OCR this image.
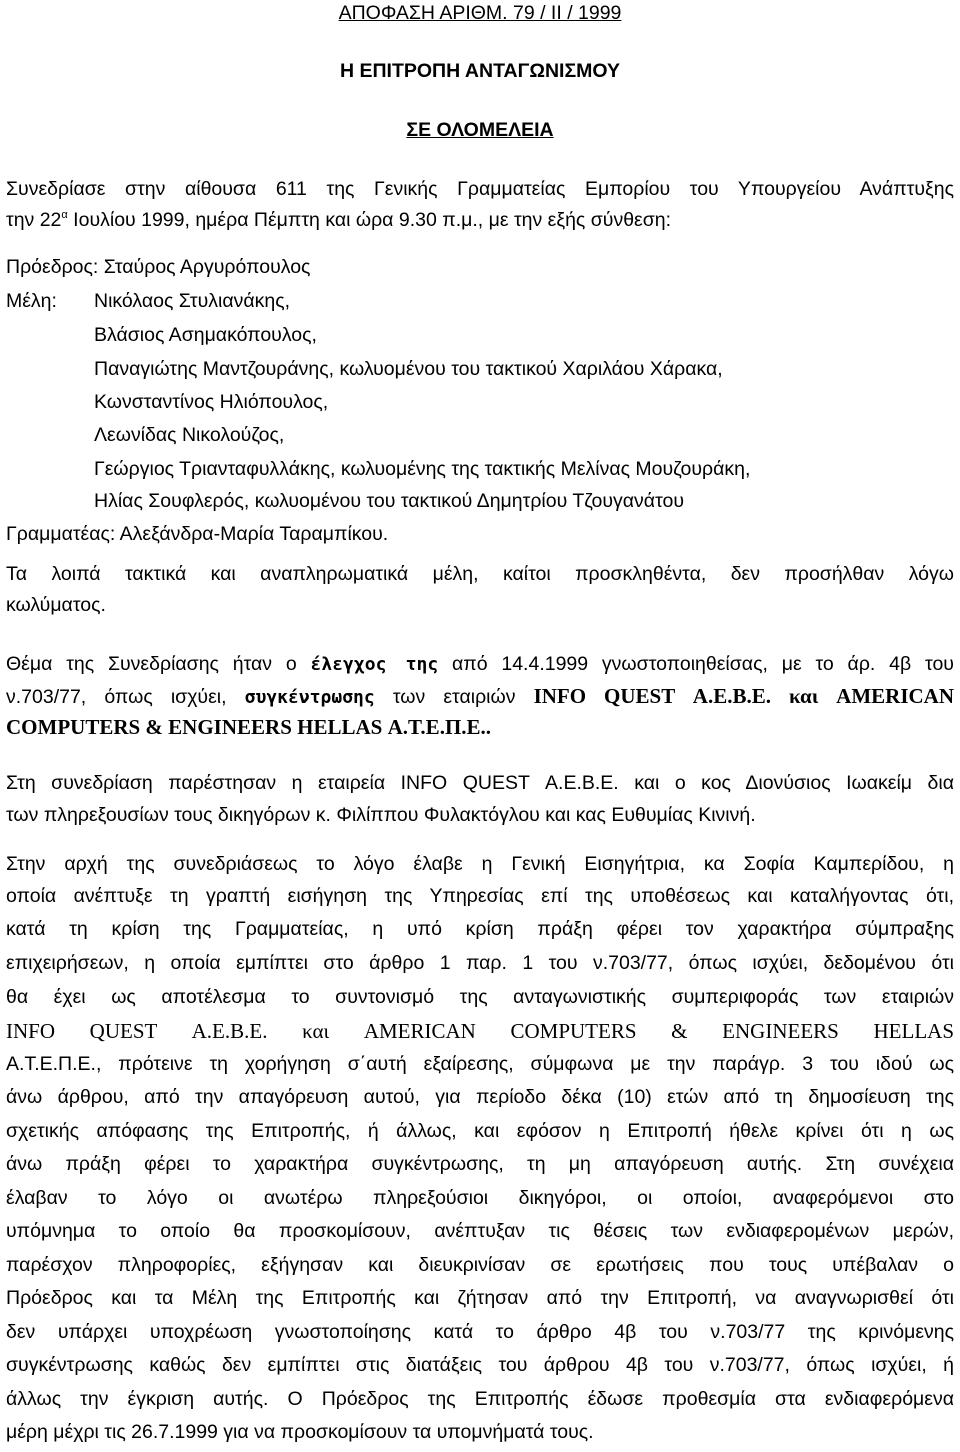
ΑΠΟΦΑΣΗ ΑΡΙΘΜ. 79 / ΙΙ / 1999
Η ΕΠΙΤΡΟΠΗ ΑΝΤΑΓΩΝΙΣΜΟΥ
ΣΕ ΟΛΟΜΕΛΕΙΑ
Συνεδρίασε στην αίθουσα 611 της Γενικής Γραμματείας Εμπορίου του Υπουργείου Ανάπτυξης
την $22^\alpha$ Ιουλίου 1999, ημέρα Πέμπτη και ώρα 9.30 π.μ., με την εξής σύνθεση:
Πρόεδρος: Σταύρος Αργυρόπουλος
Μέλη: Νικόλαος Στυλιανάκης,
Βλάσιος Ασημακόπουλος,
Παναγιώτης Μαντζουράνης, κωλυομένου του τακτικού Χαριλάου Χάρακα,
Κωνσταντίνος Ηλιόπουλος,
Λεωνίδας Νικολούζος,
Γεώργιος Τριανταφυλλάκης, κωλυομένης της τακτικής Μελίνας Μουζουράκη,
Ηλίας Σουφλερός, κωλυομένου του τακτικού Δημητρίου Τζουγανάτου
Γραμματέας: Αλεξάνδρα-Μαρία Ταραμπίκου.
Τα λοιπά τακτικά και αναπληρωματικά μέλη, καίτοι προσκληθέντα, δεν προσήλθαν λόγω
κωλύματος.
Θέμα της Συνεδρίασης ήταν ο έλεγχος της από 14.4.1999 γνωστοποιηθείσας, με το άρ. 4β του
ν.703/77, όπως ισχύει, συγκέντρωσης των εταιριών INFO QUEST Α.Ε.Β.Ε. και AMERICAN
COMPUTERS & ENGINEERS HELLAS Α.Τ.Ε.Π.Ε..
Στη συνεδρίαση παρέστησαν η εταιρεία INFO QUEST Α.Ε.Β.Ε. και ο κος Διονύσιος Ιωακείμ δια
των πληρεξουσίων τους δικηγόρων κ. Φιλίππου Φυλακτόγλου και κας Ευθυμίας Κινινή.
Στην αρχή της συνεδριάσεως το λόγο έλαβε η Γενική Εισηγήτρια, κα Σοφία Καμπερίδου, η
οποία ανέπτυξε τη γραπτή εισήγηση της Υπηρεσίας επί της υποθέσεως και καταλήγοντας ότι,
κατά τη κρίση της Γραμματείας, η υπό κρίση πράξη φέρει τον χαρακτήρα σύμπραξης
επιχειρήσεων, η οποία εμπίπτει στο άρθρο 1 παρ. 1 του ν.703/77, όπως ισχύει, δεδομένου ότι
θα έχει ως αποτέλεσμα το συντονισμό της ανταγωνιστικής συμπεριφοράς των εταιριών
INFO QUEST Α.Ε.Β.Ε. και AMERICAN COMPUTERS & ENGINEERS HELLAS
Α.Τ.Ε.Π.Ε., πρότεινε τη χορήγηση σ΄αυτή εξαίρεσης, σύμφωνα με την παράγρ. 3 του ιδού ως
άνω άρθρου, από την απαγόρευση αυτού, για περίοδο δέκα (10) ετών από τη δημοσίευση της
σχετικής απόφασης της Επιτροπής, ή άλλως, και εφόσον η Επιτροπή ήθελε κρίνει ότι η ως
άνω πράξη φέρει το χαρακτήρα συγκέντρωσης, τη μη απαγόρευση αυτής. Στη συνέχεια
έλαβαν το λόγο οι ανωτέρω πληρεξούσιοι δικηγόροι, οι οποίοι, αναφερόμενοι στο
υπόμνημα το οποίο θα προσκομίσουν, ανέπτυξαν τις θέσεις των ενδιαφερομένων μερών,
παρέσχον πληροφορίες, εξήγησαν και διευκρινίσαν σε ερωτήσεις που τους υπέβαλαν ο
Πρόεδρος και τα Μέλη της Επιτροπής και ζήτησαν από την Επιτροπή, να αναγνωρισθεί ότι
δεν υπάρχει υποχρέωση γνωστοποίησης κατά το άρθρο 4β του ν.703/77 της κρινόμενης
συγκέντρωσης καθώς δεν εμπίπτει στις διατάξεις του άρθρου 4β του ν.703/77, όπως ισχύει, ή
άλλως την έγκριση αυτής. Ο Πρόεδρος της Επιτροπής έδωσε προθεσμία στα ενδιαφερόμενα
μέρη μέχρι τις 26.7.1999 για να προσκομίσουν τα υπομνήματά τους.
